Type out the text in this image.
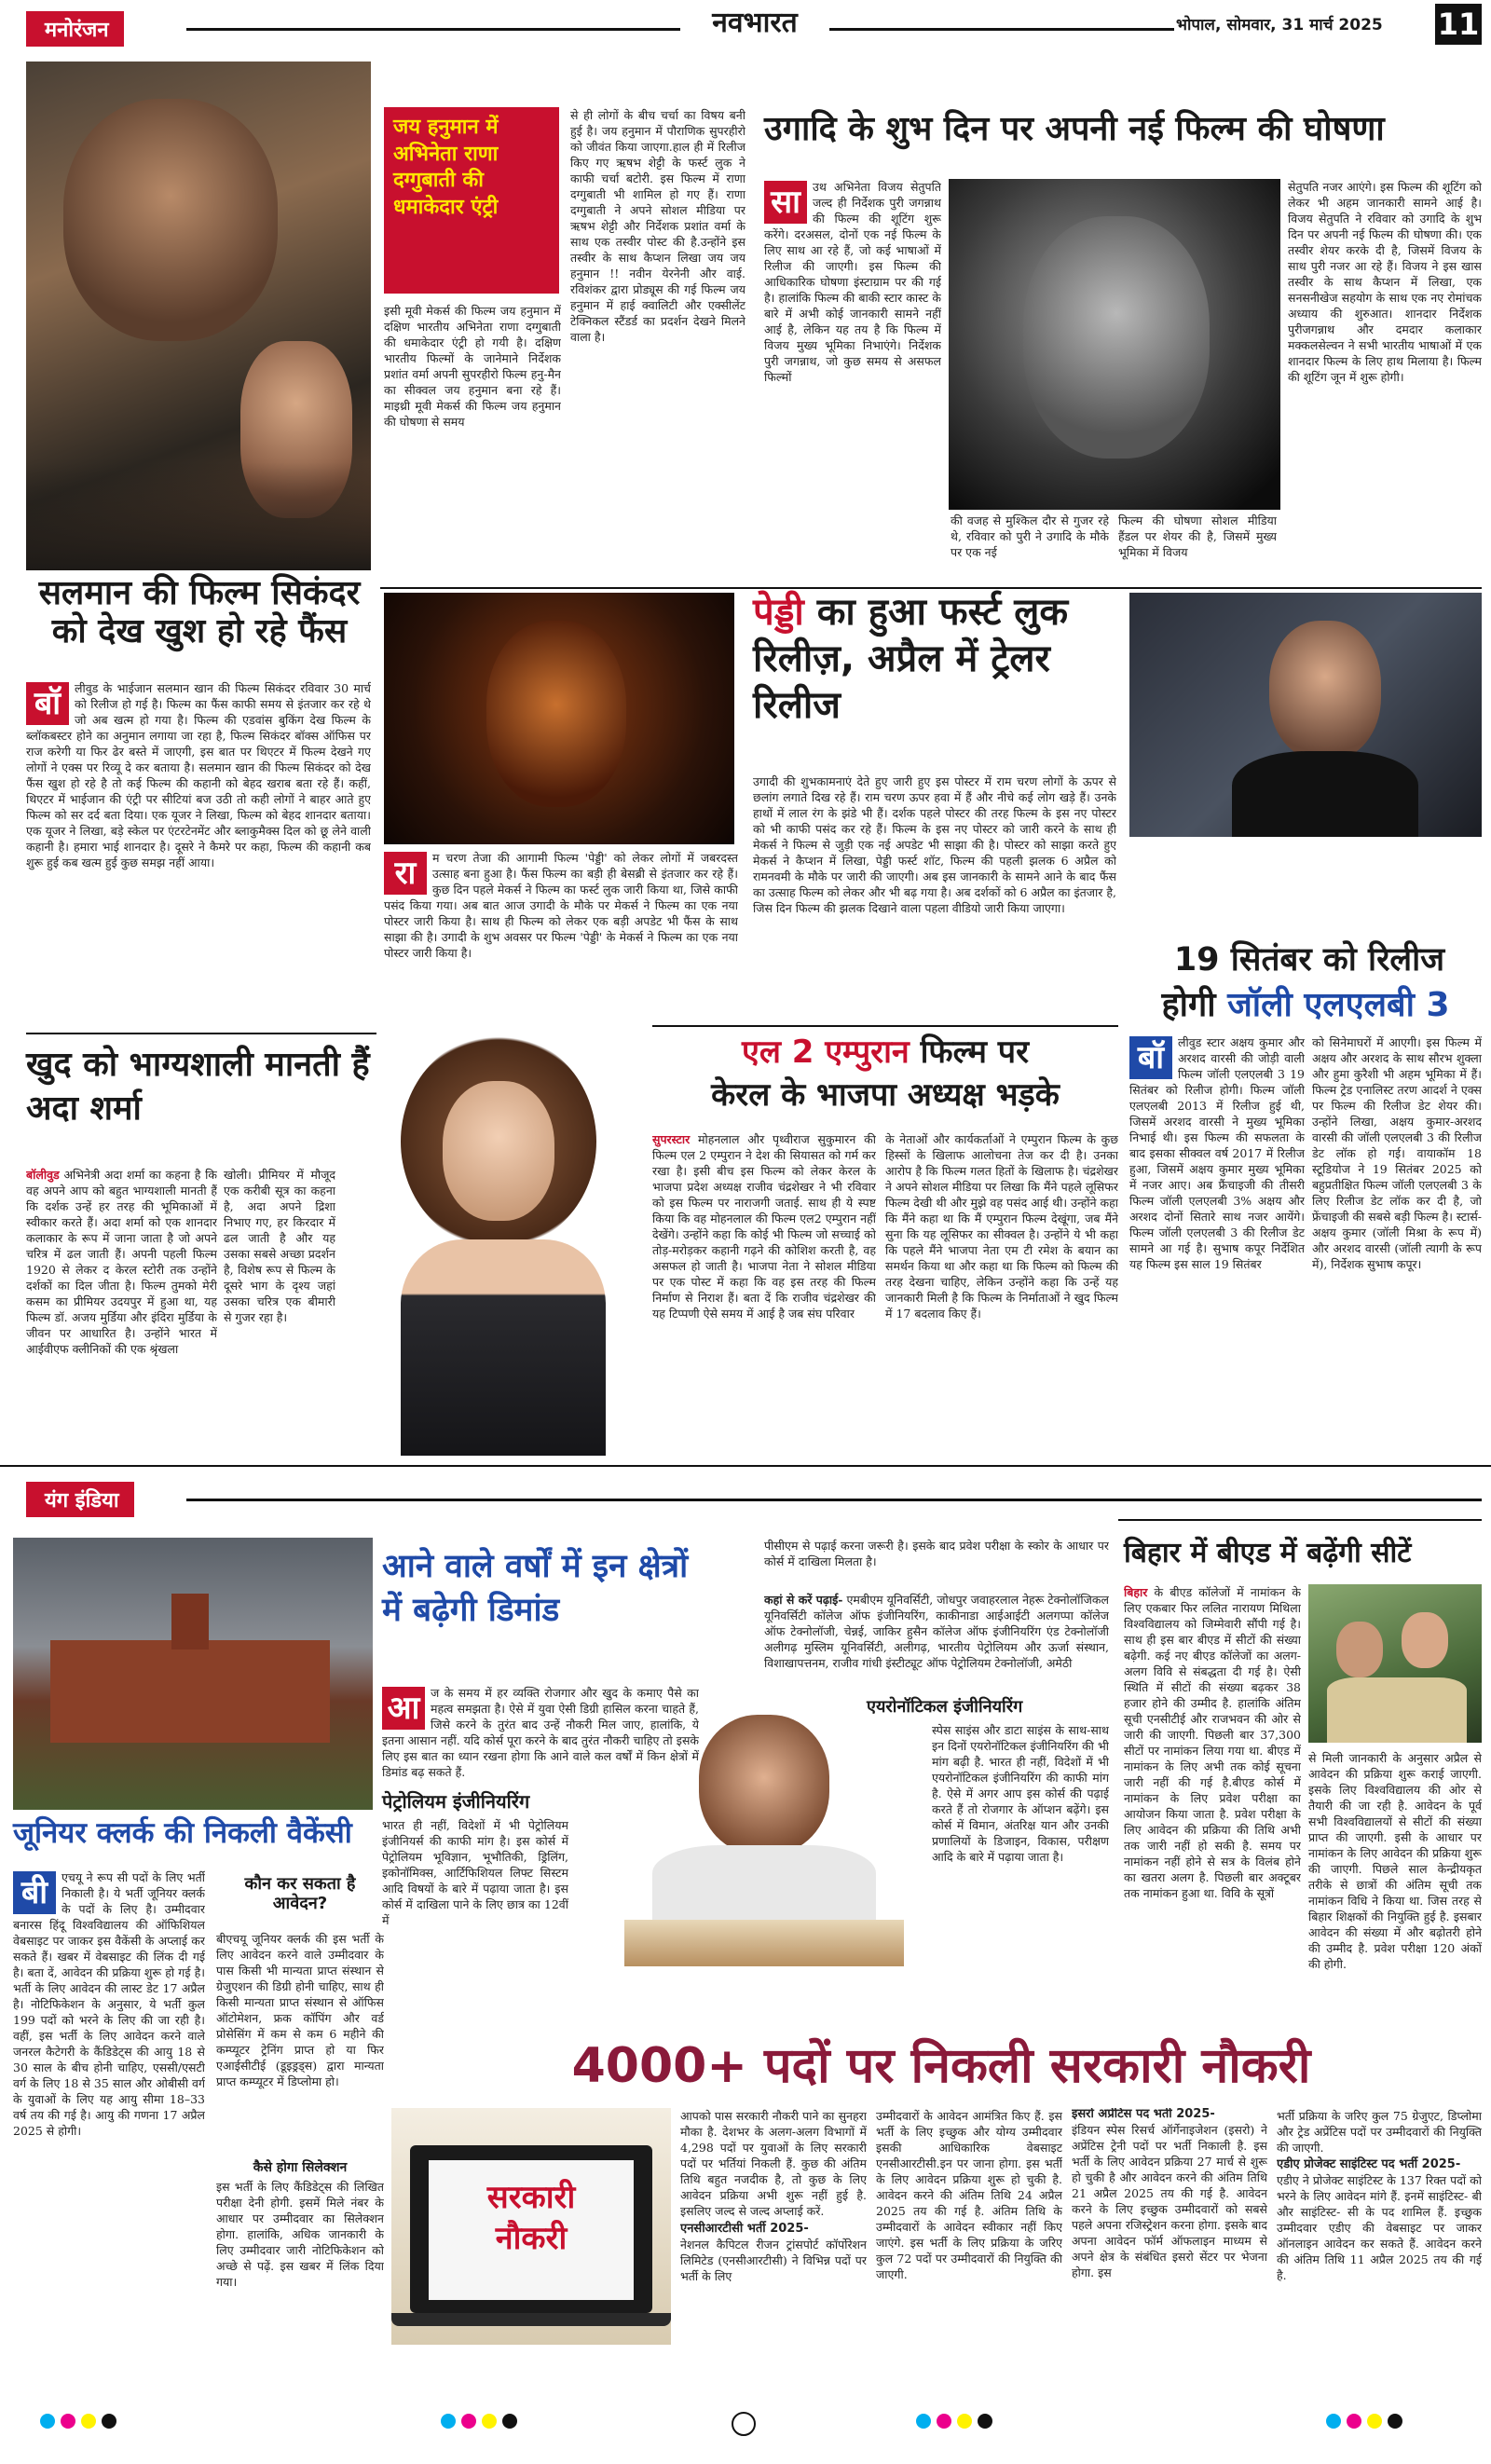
मनोरंजन	नवभारत	भोपाल, सोमवार, 31 मार्च 2025 11
सलमान की फिल्म सिकंदर को देख खुश हो रहे फैंस
बॉ	लीवुड के भाईजान सलमान खान की फिल्म सिकंदर रविवार 30 मार्च को रिलीज हो गई है। फिल्म का फैंस काफी समय से इंतजार कर रहे थे जो अब खत्म हो गया है। फिल्म की एडवांस बुकिंग देख फिल्म के ब्लॉकबस्टर होने का अनुमान लगाया जा रहा है, फिल्म सिकंदर बॉक्स ऑफिस पर राज करेगी या फिर ढेर बस्ते में जाएगी, इस बात पर थिएटर में फिल्म देखने गए लोगों ने एक्स पर रिव्यू दे कर बताया है। सलमान खान की फिल्म सिकंदर को देख फैंस खुश हो रहे है तो कई फिल्म की कहानी को बेहद खराब बता रहे हैं। कहीं, थिएटर में भाईजान की एंट्री पर सीटियां बज उठी तो कही लोगों ने बाहर आते हुए फिल्म को सर दर्द बता दिया। एक यूजर ने लिखा, फिल्म को बेहद शानदार बताया। एक यूजर ने लिखा, बड़े स्केल पर एंटरटेनमेंट और ब्लाकुमैक्स दिल को छू लेने वाली कहानी है। हमारा भाई शानदार है। दूसरे ने कैमरे पर कहा, फिल्म की कहानी कब शुरू हुई कब खत्म हुई कुछ समझ नहीं आया।
जय हनुमान में अभिनेता राणा दग्गुबाती की धमाकेदार एंट्री
इसी मूवी मेकर्स की फिल्म जय हनुमान में दक्षिण भारतीय अभिनेता राणा दग्गुबाती की धमाकेदार एंट्री हो गयी है। दक्षिण भारतीय फिल्मों के जानेमाने निर्देशक प्रशांत वर्मा अपनी सुपरहीरो फिल्म हनु-मैन का सीक्वल जय हनुमान बना रहे हैं। माइथ्री मूवी मेकर्स की फिल्म जय हनुमान की घोषणा से समय
से ही लोगों के बीच चर्चा का विषय बनी हुई है। जय हनुमान में पौराणिक सुपरहीरो को जीवंत किया जाएगा.हाल ही में रिलीज किए गए ऋषभ शेट्टी के फर्स्ट लुक ने काफी चर्चा बटोरी. इस फिल्म में राणा दग्गुबाती भी शामिल हो गए हैं। राणा दग्गुबाती ने अपने सोशल मीडिया पर ऋषभ शेट्टी और निर्देशक प्रशांत वर्मा के साथ एक तस्वीर पोस्ट की है.उन्होंने इस तस्वीर के साथ कैप्शन लिखा जय जय हनुमान !! नवीन येरनेनी और वाई. रविशंकर द्वारा प्रोड्यूस की गई फिल्म जय हनुमान में हाई क्वालिटी और एक्सीलेंट टेक्निकल स्टैंडर्ड का प्रदर्शन देखने मिलने वाला है।
उगादि के शुभ दिन पर अपनी नई फिल्म की घोषणा
सा	उथ अभिनेता विजय सेतुपति जल्द ही निर्देशक पुरी जगन्नाथ की फिल्म की शूटिंग शुरू करेंगे। दरअसल, दोनों एक नई फिल्म के लिए साथ आ रहे हैं, जो कई भाषाओं में रिलीज की जाएगी। इस फिल्म की आधिकारिक घोषणा इंस्टाग्राम पर की गई है। हालांकि फिल्म की बाकी स्टार कास्ट के बारे में अभी कोई जानकारी सामने नहीं आई है, लेकिन यह तय है कि फिल्म में विजय मुख्य भूमिका निभाएंगे। निर्देशक पुरी जगन्नाथ, जो कुछ समय से असफल फिल्मों
की वजह से मुश्किल दौर से गुजर रहे थे, रविवार को पुरी ने उगादि के मौके पर एक नई
फिल्म की घोषणा सोशल मीडिया हैंडल पर शेयर की है, जिसमें मुख्य भूमिका में विजय
सेतुपति नजर आएंगे। इस फिल्म की शूटिंग को लेकर भी अहम जानकारी सामने आई है। विजय सेतुपति ने रविवार को उगादि के शुभ दिन पर अपनी नई फिल्म की घोषणा की। एक तस्वीर शेयर करके दी है, जिसमें विजय के साथ पुरी नजर आ रहे हैं। विजय ने इस खास तस्वीर के साथ कैप्शन में लिखा, एक सनसनीखेज सहयोग के साथ एक नए रोमांचक अध्याय की शुरुआत। शानदार निर्देशक पुरीजगन्नाथ और दमदार कलाकार मक्कलसेल्वन ने सभी भारतीय भाषाओं में एक शानदार फिल्म के लिए हाथ मिलाया है। फिल्म की शूटिंग जून में शुरू होगी।
रा	म चरण तेजा की आगामी फिल्म 'पेड्डी' को लेकर लोगों में जबरदस्त उत्साह बना हुआ है। फैंस फिल्म का बड़ी ही बेसब्री से इंतजार कर रहे हैं। कुछ दिन पहले मेकर्स ने फिल्म का फर्स्ट लुक जारी किया था, जिसे काफी पसंद किया गया। अब बात आज उगादी के मौके पर मेकर्स ने फिल्म का एक नया पोस्टर जारी किया है। साथ ही फिल्म को लेकर एक बड़ी अपडेट भी फैंस के साथ साझा की है। उगादी के शुभ अवसर पर फिल्म 'पेड्डी' के मेकर्स ने फिल्म का एक नया पोस्टर जारी किया है।
पेड्डी का हुआ फर्स्ट लुक रिलीज़, अप्रैल में ट्रेलर रिलीज
उगादी की शुभकामनाएं देते हुए जारी हुए इस पोस्टर में राम चरण लोगों के ऊपर से छलांग लगाते दिख रहे हैं। राम चरण ऊपर हवा में हैं और नीचे कई लोग खड़े हैं। उनके हाथों में लाल रंग के झंडे भी हैं। दर्शक पहले पोस्टर की तरह फिल्म के इस नए पोस्टर को भी काफी पसंद कर रहे हैं। फिल्म के इस नए पोस्टर को जारी करने के साथ ही मेकर्स ने फिल्म से जुड़ी एक नई अपडेट भी साझा की है। पोस्टर को साझा करते हुए मेकर्स ने कैप्शन में लिखा, पेड्डी फर्स्ट शॉट, फिल्म की पहली झलक 6 अप्रैल को रामनवमी के मौके पर जारी की जाएगी। अब इस जानकारी के सामने आने के बाद फैंस का उत्साह फिल्म को लेकर और भी बढ़ गया है। अब दर्शकों को 6 अप्रैल का इंतजार है, जिस दिन फिल्म की झलक दिखाने वाला पहला वीडियो जारी किया जाएगा।
19 सितंबर को रिलीज
होगी जॉली एलएलबी 3
बॉ	लीवुड स्टार अक्षय कुमार और अरशद वारसी की जोड़ी वाली फिल्म जॉली एलएलबी 3 19 सितंबर को रिलीज होगी। फिल्म जॉली एलएलबी 2013 में रिलीज हुई थी, जिसमें अरशद वारसी ने मुख्य भूमिका निभाई थी। इस फिल्म की सफलता के बाद इसका सीक्वल वर्ष 2017 में रिलीज हुआ, जिसमें अक्षय कुमार मुख्य भूमिका में नजर आए। अब फ्रैंचाइजी की तीसरी फिल्म जॉली एलएलबी 3% अक्षय और अरशद दोनों सितारे साथ नजर आयेंगे। फिल्म जॉली एलएलबी 3 की रिलीज डेट सामने आ गई है। सुभाष कपूर निर्देशित यह फिल्म इस साल 19 सितंबर
को सिनेमाघरों में आएगी। इस फिल्म में अक्षय और अरशद के साथ सौरभ शुक्ला और हुमा कुरैशी भी अहम भूमिका में हैं। फिल्म ट्रेड एनालिस्ट तरण आदर्श ने एक्स पर फिल्म की रिलीज डेट शेयर की। उन्होंने लिखा, अक्षय कुमार-अरशद वारसी की जॉली एलएलबी 3 की रिलीज डेट लॉक हो गई। वायाकॉम 18 स्टूडियोज ने 19 सितंबर 2025 को बहुप्रतीक्षित फिल्म जॉली एलएलबी 3 के लिए रिलीज डेट लॉक कर दी है, जो फ्रेंचाइजी की सबसे बड़ी फिल्म है। स्टार्स- अक्षय कुमार (जॉली मिश्रा के रूप में) और अरशद वारसी (जॉली त्यागी के रूप में), निर्देशक सुभाष कपूर।
खुद को भाग्यशाली मानती हैं अदा शर्मा
बॉलीवुड अभिनेत्री अदा शर्मा का कहना है कि वह अपने आप को बहुत भाग्यशाली मानती हैं कि दर्शक उन्हें हर तरह की भूमिकाओं में स्वीकार करते हैं। अदा शर्मा को एक शानदार कलाकार के रूप में जाना जाता है जो अपने चरित्र में ढल जाती हैं। अपनी पहली फिल्म 1920 से लेकर द केरल स्टोरी तक उन्होंने दर्शकों का दिल जीता है। फिल्म तुमको मेरी कसम का प्रीमियर उदयपुर में हुआ था, यह फिल्म डॉ. अजय मुर्डिया और इंदिरा मुर्डिया के जीवन पर आधारित है। उन्होंने भारत में आईवीएफ क्लीनिकों की एक श्रृंखला
खोली। प्रीमियर में मौजूद एक करीबी सूत्र का कहना है, अदा अपने द्रिशा निभाए गए, हर किरदार में ढल जाती है और यह उसका सबसे अच्छा प्रदर्शन है, विशेष रूप से फिल्म के दूसरे भाग के दृश्य जहां उसका चरित्र एक बीमारी से गुजर रहा है।
एल 2 एम्पुरान फिल्म पर
केरल के भाजपा अध्यक्ष भड़के
सुपरस्टार मोहनलाल और पृथ्वीराज सुकुमारन की फिल्म एल 2 एम्पुरान ने देश की सियासत को गर्म कर रखा है। इसी बीच इस फिल्म को लेकर केरल के भाजपा प्रदेश अध्यक्ष राजीव चंद्रशेखर ने भी रविवार को इस फिल्म पर नाराजगी जताई. साथ ही ये स्पष्ट किया कि वह मोहनलाल की फिल्म एल2 एम्पुरान नहीं देखेंगे। उन्होंने कहा कि कोई भी फिल्म जो सच्चाई को तोड़-मरोड़कर कहानी गढ़ने की कोशिश करती है, वह असफल हो जाती है। भाजपा नेता ने सोशल मीडिया पर एक पोस्ट में कहा कि वह इस तरह की फिल्म निर्माण से निराश हैं। बता दें कि राजीव चंद्रशेखर की यह टिप्पणी ऐसे समय में आई है जब संघ परिवार
के नेताओं और कार्यकर्ताओं ने एम्पुरान फिल्म के कुछ हिस्सों के खिलाफ आलोचना तेज कर दी है। उनका आरोप है कि फिल्म गलत हितों के खिलाफ है। चंद्रशेखर ने अपने सोशल मीडिया पर लिखा कि मैंने पहले लूसिफर फिल्म देखी थी और मुझे वह पसंद आई थी। उन्होंने कहा कि मैंने कहा था कि मैं एम्पुरान फिल्म देखूंगा, जब मैंने सुना कि यह लूसिफर का सीक्वल है। उन्होंने ये भी कहा कि पहले मैंने भाजपा नेता एम टी रमेश के बयान का समर्थन किया था और कहा था कि फिल्म को फिल्म की तरह देखना चाहिए, लेकिन उन्होंने कहा कि उन्हें यह जानकारी मिली है कि फिल्म के निर्माताओं ने खुद फिल्म में 17 बदलाव किए हैं।
यंग इंडिया
जूनियर क्लर्क की निकली वैकेंसी
बी	एचयू ने रूप सी पदों के लिए भर्ती निकाली है। ये भर्ती जूनियर क्लर्क के पदों के लिए है। उम्मीदवार बनारस हिंदू विश्वविद्यालय की ऑफिशियल वेबसाइट पर जाकर इस वैकेंसी के अप्लाई कर सकते हैं। खबर में वेबसाइट की लिंक दी गई है। बता दें, आवेदन की प्रक्रिया शुरू हो गई है। भर्ती के लिए आवेदन की लास्ट डेट 17 अप्रैल है। नोटिफिकेशन के अनुसार, ये भर्ती कुल 199 पदों को भरने के लिए की जा रही है।वहीं, इस भर्ती के लिए आवेदन करने वाले जनरल कैटेगरी के कैंडिडेट्स की आयु 18 से 30 साल के बीच होनी चाहिए, एससी/एसटी वर्ग के लिए 18 से 35 साल और ओबीसी वर्ग के युवाओं के लिए यह आयु सीमा 18–33 वर्ष तय की गई है। आयु की गणना 17 अप्रैल 2025 से होगी।
कौन कर सकता है आवेदन?
बीएचयू जूनियर क्लर्क की इस भर्ती के लिए आवेदन करने वाले उम्मीदवार के पास किसी भी मान्यता प्राप्त संस्थान से ग्रेजुएशन की डिग्री होनी चाहिए, साथ ही किसी मान्यता प्राप्त संस्थान से ऑफिस ऑटोमेशन, फ्रक कॉपिंग और वर्ड प्रोसेसिंग में कम से कम 6 महीने की कम्प्यूटर ट्रेनिंग प्राप्त हो या फिर एआईसीटीई (डूइड्रड्स) द्वारा मान्यता प्राप्त कम्प्यूटर में डिप्लोमा हो।
कैसे होगा सिलेक्शन
इस भर्ती के लिए कैंडिडेट्स की लिखित परीक्षा देनी होगी. इसमें मिले नंबर के आधार पर उम्मीदवार का सिलेक्शन होगा. हालांकि, अधिक जानकारी के लिए उम्मीदवार जारी नोटिफिकेशन को अच्छे से पढ़ें. इस खबर में लिंक दिया गया।
आने वाले वर्षों में इन क्षेत्रों
में बढ़ेगी डिमांड
आ ज के समय में हर व्यक्ति रोजगार और खुद के कमाए पैसे का महत्व समझता है। ऐसे में युवा ऐसी डिग्री हासिल करना चाहते हैं, जिसे करने के तुरंत बाद उन्हें नौकरी मिल जाए, हालांकि, ये इतना आसान नहीं. यदि कोर्स पूरा करने के बाद तुरंत नौकरी चाहिए तो इसके लिए इस बात का ध्यान रखना होगा कि आने वाले कल वर्षों में किन क्षेत्रों में डिमांड बढ़ सकते हैं.
पेट्रोलियम इंजीनियरिंग
भारत ही नहीं, विदेशों में भी पेट्रोलियम इंजीनियर्स की काफी मांग है। इस कोर्स में पेट्रोलियम भूविज्ञान, भूभौतिकी, ड्रिलिंग, इकोनॉमिक्स, आर्टिफिशियल लिफ्ट सिस्टम आदि विषयों के बारे में पढ़ाया जाता है। इस कोर्स में दाखिला पाने के लिए छात्र का 12वीं में
पीसीएम से पढ़ाई करना जरूरी है। इसके बाद प्रवेश परीक्षा के स्कोर के आधार पर कोर्स में दाखिला मिलता है।
कहां से करें पढ़ाई- एमबीएम यूनिवर्सिटी, जोधपुर जवाहरलाल नेहरू टेक्नोलॉजिकल यूनिवर्सिटी कॉलेज ऑफ इंजीनियरिंग, काकीनाडा आईआईटी अलगप्पा कॉलेज ऑफ टेक्नोलॉजी, चेन्नई, जाकिर हुसैन कॉलेज ऑफ इंजीनियरिंग एंड टेक्नोलॉजी अलीगढ़ मुस्लिम यूनिवर्सिटी, अलीगढ़, भारतीय पेट्रोलियम और ऊर्जा संस्थान, विशाखापत्तनम, राजीव गांधी इंस्टीट्यूट ऑफ पेट्रोलियम टेक्नोलॉजी, अमेठी
एयरोनॉटिकल इंजीनियरिंग
स्पेस साइंस और डाटा साइंस के साथ-साथ इन दिनों एयरोनॉटिकल इंजीनियरिंग की भी मांग बढ़ी है. भारत ही नहीं, विदेशों में भी एयरोनॉटिकल इंजीनियरिंग की काफी मांग है. ऐसे में अगर आप इस कोर्स की पढ़ाई करते हैं तो रोजगार के ऑप्शन बढ़ेंगे। इस कोर्स में विमान, अंतरिक्ष यान और उनकी प्रणालियों के डिजाइन, विकास, परीक्षण आदि के बारे में पढ़ाया जाता है।
बिहार में बीएड में बढ़ेंगी सीटें
बिहार के बीएड कॉलेजों में नामांकन के लिए एकबार फिर ललित नारायण मिथिला विश्वविद्यालय को जिम्मेवारी सौंपी गई है। साथ ही इस बार बीएड में सीटों की संख्या बढ़ेगी. कई नए बीएड कॉलेजों का अलग-अलग विवि से संबद्धता दी गई है। ऐसी स्थिति में सीटों की संख्या बढ़कर 38 हजार होने की उम्मीद है. हालांकि अंतिम सूची एनसीटीई और राजभवन की ओर से जारी की जाएगी. पिछली बार 37,300 सीटों पर नामांकन लिया गया था. बीएड में नामांकन के लिए अभी तक कोई सूचना जारी नहीं की गई है.बीएड कोर्स में नामांकन के लिए प्रवेश परीक्षा का आयोजन किया जाता है. प्रवेश परीक्षा के लिए आवेदन की प्रक्रिया की तिथि अभी तक जारी नहीं हो सकी है. समय पर नामांकन नहीं होने से सत्र के विलंब होने का खतरा अलग है. पिछली बार अक्टूबर तक नामांकन हुआ था. विवि के सूत्रों
से मिली जानकारी के अनुसार अप्रैल से आवेदन की प्रक्रिया शुरू कराई जाएगी. इसके लिए विश्वविद्यालय की ओर से तैयारी की जा रही है. आवेदन के पूर्व सभी विश्वविद्यालयों से सीटों की संख्या प्राप्त की जाएगी. इसी के आधार पर नामांकन के लिए आवेदन की प्रक्रिया शुरू की जाएगी. पिछले साल केन्द्रीयकृत तरीके से छात्रों की अंतिम सूची तक नामांकन विधि ने किया था. जिस तरह से बिहार शिक्षकों की नियुक्ति हुई है. इसबार आवेदन की संख्या में और बढ़ोतरी होने की उम्मीद है. प्रवेश परीक्षा 120 अंकों की होगी.
4000+ पदों पर निकली सरकारी नौकरी
सरकारी
नौकरी
आपको पास सरकारी नौकरी पाने का सुनहरा मौका है. देशभर के अलग-अलग विभागों में 4,298 पदों पर युवाओं के लिए सरकारी पदों पर भर्तियां निकली हैं. कुछ की अंतिम तिथि बहुत नजदीक है, तो कुछ के लिए आवेदन प्रक्रिया अभी शुरू नहीं हुई है. इसलिए जल्द से जल्द अप्लाई करें.
एनसीआरटीसी भर्ती 2025-
नेशनल कैपिटल रीजन ट्रांसपोर्ट कॉर्पोरेशन लिमिटेड (एनसीआरटीसी) ने विभिन्न पदों पर भर्ती के लिए
उम्मीदवारों के आवेदन आमंत्रित किए हैं. इस भर्ती के लिए इच्छुक और योग्य उम्मीदवार इसकी आधिकारिक वेबसाइट एनसीआरटीसी.इन पर जाना होगा. इस भर्ती के लिए आवेदन प्रक्रिया शुरू हो चुकी है. आवेदन करने की अंतिम तिथि 24 अप्रैल 2025 तय की गई है. अंतिम तिथि के उम्मीदवारों के आवेदन स्वीकार नहीं किए जाएंगे. इस भर्ती के लिए प्रक्रिया के जरिए कुल 72 पदों पर उम्मीदवारों की नियुक्ति की जाएगी.
इसरो अप्रेंटिस पद भर्ती 2025-
इंडियन स्पेस रिसर्च ऑर्गेनाइजेशन (इसरो) ने अप्रेंटिस ट्रेनी पदों पर भर्ती निकाली है. इस भर्ती के लिए आवेदन प्रक्रिया 27 मार्च से शुरू हो चुकी है और आवेदन करने की अंतिम तिथि 21 अप्रैल 2025 तय की गई है. आवेदन करने के लिए इच्छुक उम्मीदवारों को सबसे पहले अपना रजिस्ट्रेशन करना होगा. इसके बाद अपना आवेदन फॉर्म ऑफलाइन माध्यम से अपने क्षेत्र के संबंधित इसरो सेंटर पर भेजना होगा. इस
भर्ती प्रक्रिया के जरिए कुल 75 ग्रेजुएट, डिप्लोमा और ट्रेड अप्रेंटिस पदों पर उम्मीदवारों की नियुक्ति की जाएगी.
एडीए प्रोजेक्ट साइंटिस्ट पद भर्ती 2025-
एडीए ने प्रोजेक्ट साइंटिस्ट के 137 रिक्त पदों को भरने के लिए आवेदन मांगे हैं. इनमें साइंटिस्ट- बी और साइंटिस्ट- सी के पद शामिल हैं. इच्छुक उम्मीदवार एडीए की वेबसाइट पर जाकर ऑनलाइन आवेदन कर सकते हैं. आवेदन करने की अंतिम तिथि 11 अप्रैल 2025 तय की गई है.
